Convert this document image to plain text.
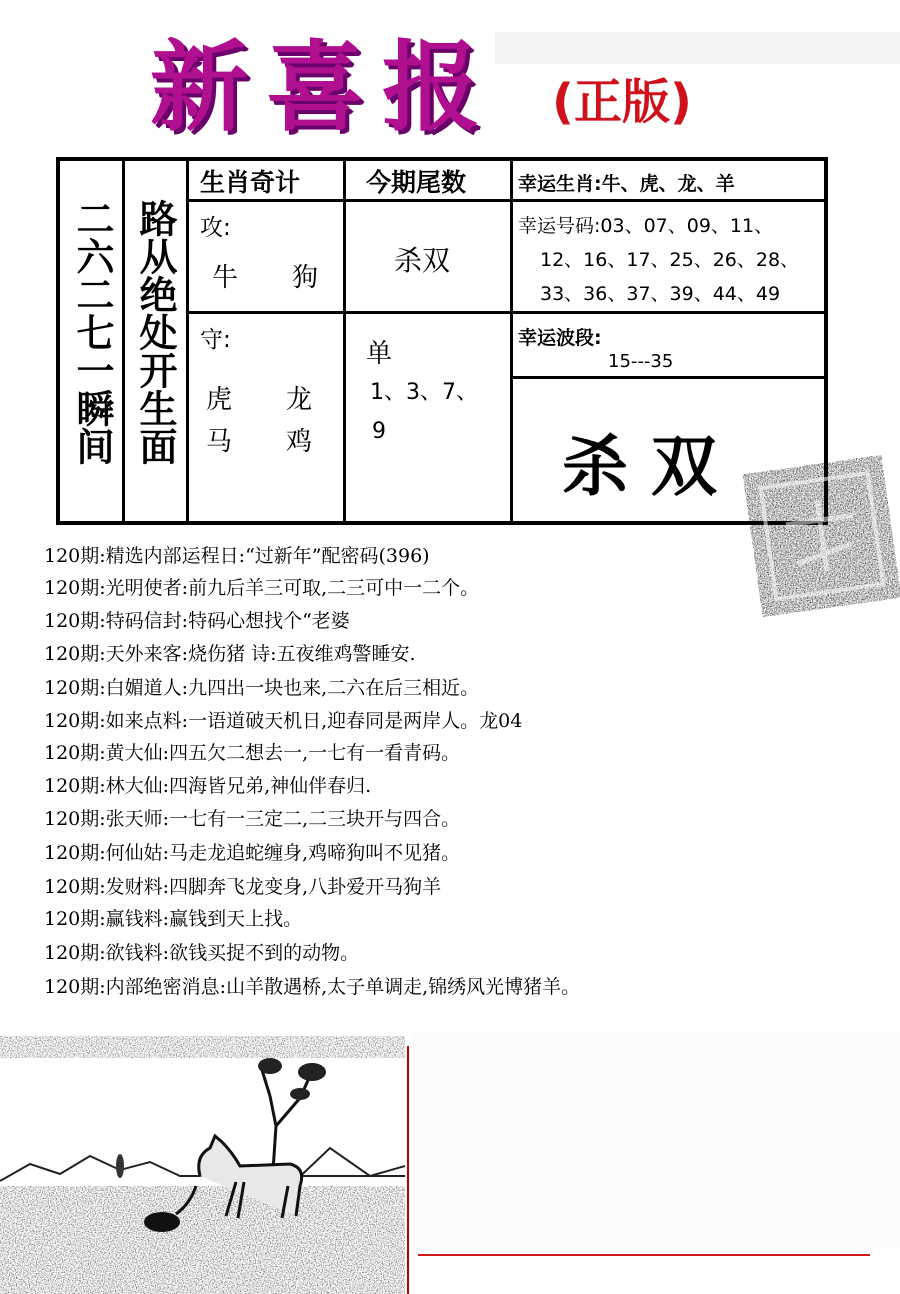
新喜报 (正版)
二六二七一瞬间 路从绝处开生面
生肖奇计	今期尾数	幸运生肖:牛、虎、龙、羊
攻:
牛 狗
杀双
幸运号码:03、07、09、11、
12、16、17、25、26、28、
33、36、37、39、44、49
守:
虎 龙
马 鸡
单
1、3、7、
9
幸运波段:
15---35
杀 双
120期:精选内部运程日:“过新年”配密码(396)
120期:光明使者:前九后羊三可取,二三可中一二个。
120期:特码信封:特码心想找个“老婆
120期:天外来客:烧伤猪 诗:五夜维鸡警睡安.
120期:白媚道人:九四出一块也来,二六在后三相近。
120期:如来点料:一语道破天机日,迎春同是两岸人。龙04
120期:黄大仙:四五欠二想去一,一七有一看青码。
120期:林大仙:四海皆兄弟,神仙伴春归.
120期:张天师:一七有一三定二,二三块开与四合。
120期:何仙姑:马走龙追蛇缠身,鸡啼狗叫不见猪。
120期:发财料:四脚奔飞龙变身,八卦爱开马狗羊
120期:赢钱料:赢钱到天上找。
120期:欲钱料:欲钱买捉不到的动物。
120期:内部绝密消息:山羊散遇桥,太子单调走,锦绣风光博猪羊。
